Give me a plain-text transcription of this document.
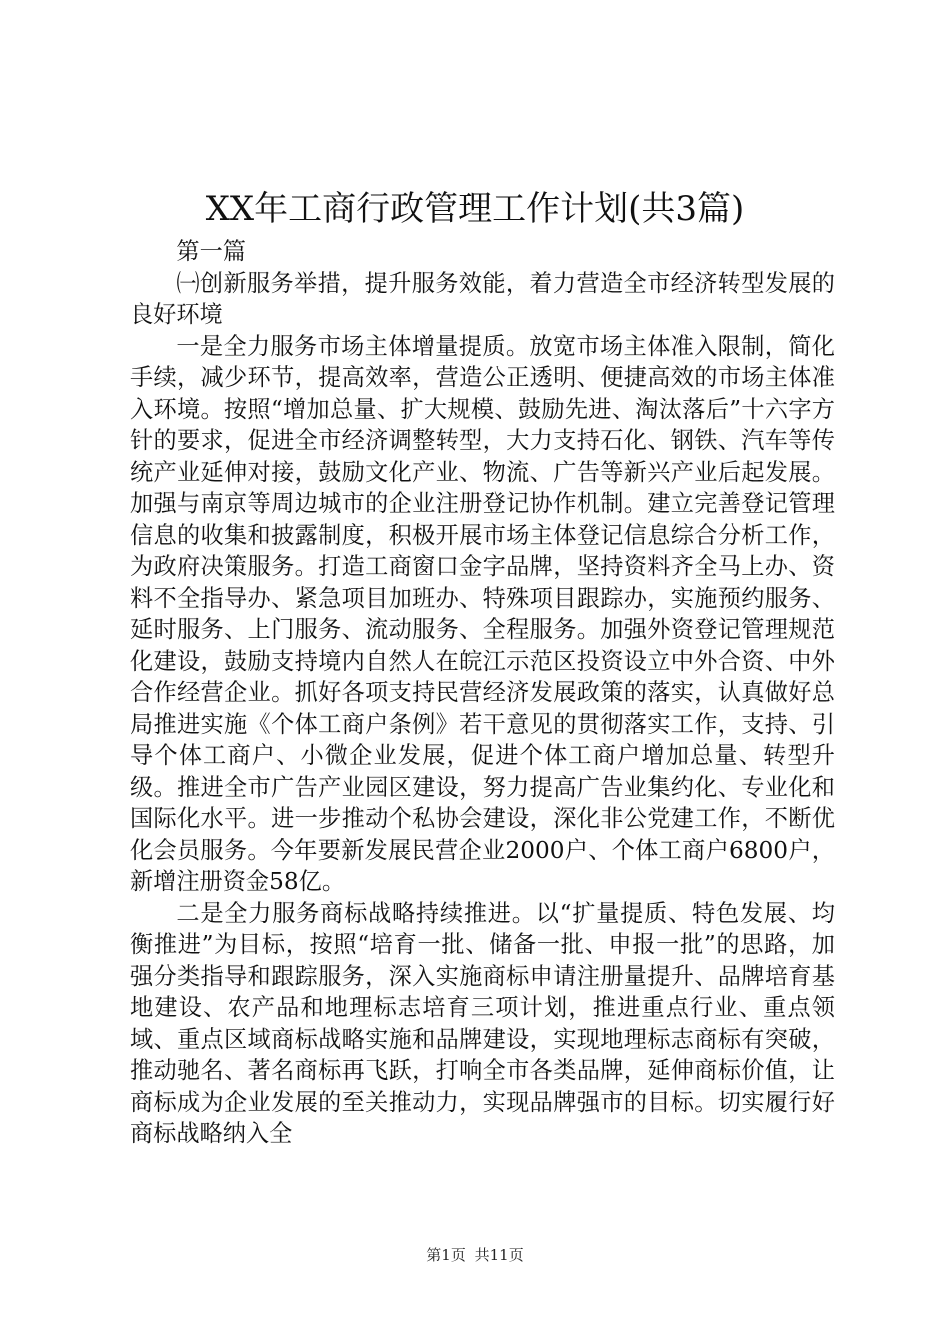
XX年工商行政管理工作计划(共3篇)

第一篇

㈠创新服务举措，提升服务效能，着力营造全市经济转型发展的良好环境

一是全力服务市场主体增量提质。放宽市场主体准入限制，简化手续，减少环节，提高效率，营造公正透明、便捷高效的市场主体准入环境。按照“增加总量、扩大规模、鼓励先进、淘汰落后”十六字方针的要求，促进全市经济调整转型，大力支持石化、钢铁、汽车等传统产业延伸对接，鼓励文化产业、物流、广告等新兴产业后起发展。加强与南京等周边城市的企业注册登记协作机制。建立完善登记管理信息的收集和披露制度，积极开展市场主体登记信息综合分析工作，为政府决策服务。打造工商窗口金字品牌，坚持资料齐全马上办、资料不全指导办、紧急项目加班办、特殊项目跟踪办，实施预约服务、延时服务、上门服务、流动服务、全程服务。加强外资登记管理规范化建设，鼓励支持境内自然人在皖江示范区投资设立中外合资、中外合作经营企业。抓好各项支持民营经济发展政策的落实，认真做好总局推进实施《个体工商户条例》若干意见的贯彻落实工作，支持、引导个体工商户、小微企业发展，促进个体工商户增加总量、转型升级。推进全市广告产业园区建设，努力提高广告业集约化、专业化和国际化水平。进一步推动个私协会建设，深化非公党建工作，不断优化会员服务。今年要新发展民营企业2000户、个体工商户6800户，新增注册资金58亿。

二是全力服务商标战略持续推进。以“扩量提质、特色发展、均衡推进”为目标，按照“培育一批、储备一批、申报一批”的思路，加强分类指导和跟踪服务，深入实施商标申请注册量提升、品牌培育基地建设、农产品和地理标志培育三项计划，推进重点行业、重点领域、重点区域商标战略实施和品牌建设，实现地理标志商标有突破，推动驰名、著名商标再飞跃，打响全市各类品牌，延伸商标价值，让商标成为企业发展的至关推动力，实现品牌强市的目标。切实履行好商标战略纳入全

第1页 共11页
